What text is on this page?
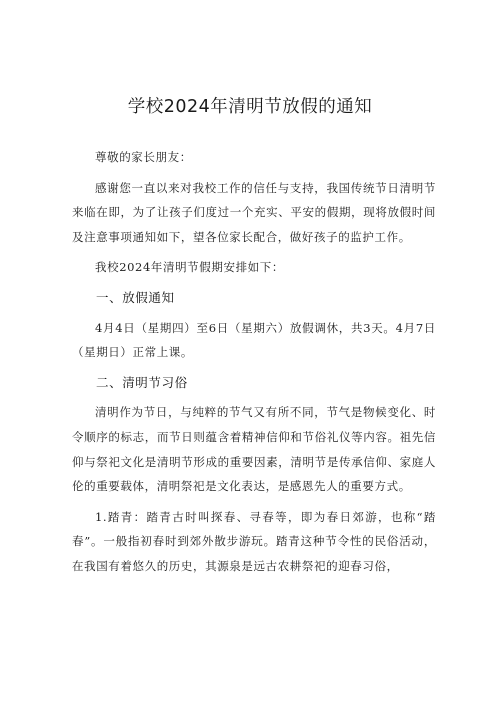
学校2024年清明节放假的通知

尊敬的家长朋友：

感谢您一直以来对我校工作的信任与支持，我国传统节日清明节来临在即，为了让孩子们度过一个充实、平安的假期，现将放假时间及注意事项通知如下，望各位家长配合，做好孩子的监护工作。

我校2024年清明节假期安排如下：

一、放假通知

4月4日（星期四）至6日（星期六）放假调休，共3天。4月7日（星期日）正常上课。

二、清明节习俗

清明作为节日，与纯粹的节气又有所不同，节气是物候变化、时令顺序的标志，而节日则蕴含着精神信仰和节俗礼仪等内容。祖先信仰与祭祀文化是清明节形成的重要因素，清明节是传承信仰、家庭人伦的重要载体，清明祭祀是文化表达，是感恩先人的重要方式。

1.踏青：踏青古时叫探春、寻春等，即为春日郊游，也称“踏春”。一般指初春时到郊外散步游玩。踏青这种节令性的民俗活动，在我国有着悠久的历史，其源泉是远古农耕祭祀的迎春习俗，
